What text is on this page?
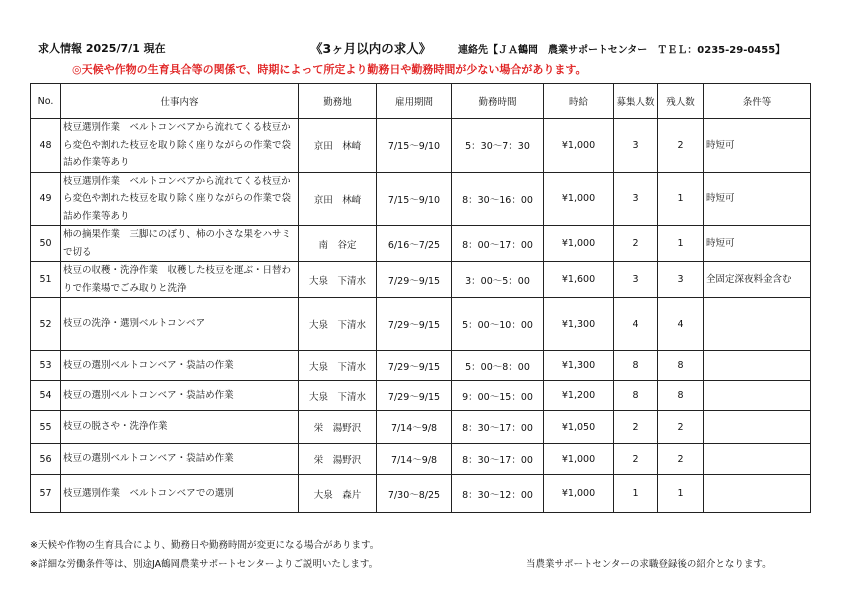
求人情報 2025/7/1 現在	《3ヶ月以内の求人》	連絡先【ＪＡ鶴岡　農業サポートセンター　ＴＥＬ：0235-29-0455】
◎天候や作物の生育具合等の関係で、時期によって所定より勤務日や勤務時間が少ない場合があります。
No.	仕事内容	勤務地	雇用期間	勤務時間	時給	募集人数	残人数	条件等
48	枝豆選別作業　ベルトコンベアから流れてくる枝豆から変色や割れた枝豆を取り除く座りながらの作業で袋詰め作業等あり	京田　林崎	7/15～9/10	5：30～7：30	¥1,000	3	2	時短可
49	枝豆選別作業　ベルトコンベアから流れてくる枝豆から変色や割れた枝豆を取り除く座りながらの作業で袋詰め作業等あり	京田　林崎	7/15～9/10	8：30～16：00	¥1,000	3	1	時短可
50	柿の摘果作業　三脚にのぼり、柿の小さな果をハサミで切る	南　谷定	6/16～7/25	8：00～17：00	¥1,000	2	1	時短可
51	枝豆の収穫・洗浄作業　収穫した枝豆を運ぶ・日替わりで作業場でごみ取りと洗浄	大泉　下清水	7/29～9/15	3：00～5：00	¥1,600	3	3	全固定深夜料金含む
52	枝豆の洗浄・選別ベルトコンベア	大泉　下清水	7/29～9/15	5：00～10：00	¥1,300	4	4	
53	枝豆の選別ベルトコンベア・袋詰の作業	大泉　下清水	7/29～9/15	5：00～8：00	¥1,300	8	8	
54	枝豆の選別ベルトコンベア・袋詰め作業	大泉　下清水	7/29～9/15	9：00～15：00	¥1,200	8	8	
55	枝豆の脱さや・洗浄作業	栄　湯野沢	7/14～9/8	8：30～17：00	¥1,050	2	2	
56	枝豆の選別ベルトコンベア・袋詰め作業	栄　湯野沢	7/14～9/8	8：30～17：00	¥1,000	2	2	
57	枝豆選別作業　ベルトコンベアでの選別	大泉　森片	7/30～8/25	8：30～12：00	¥1,000	1	1	
※天候や作物の生育具合により、勤務日や勤務時間が変更になる場合があります。
※詳細な労働条件等は、別途JA鶴岡農業サポートセンターよりご説明いたします。	当農業サポートセンターの求職登録後の紹介となります。
